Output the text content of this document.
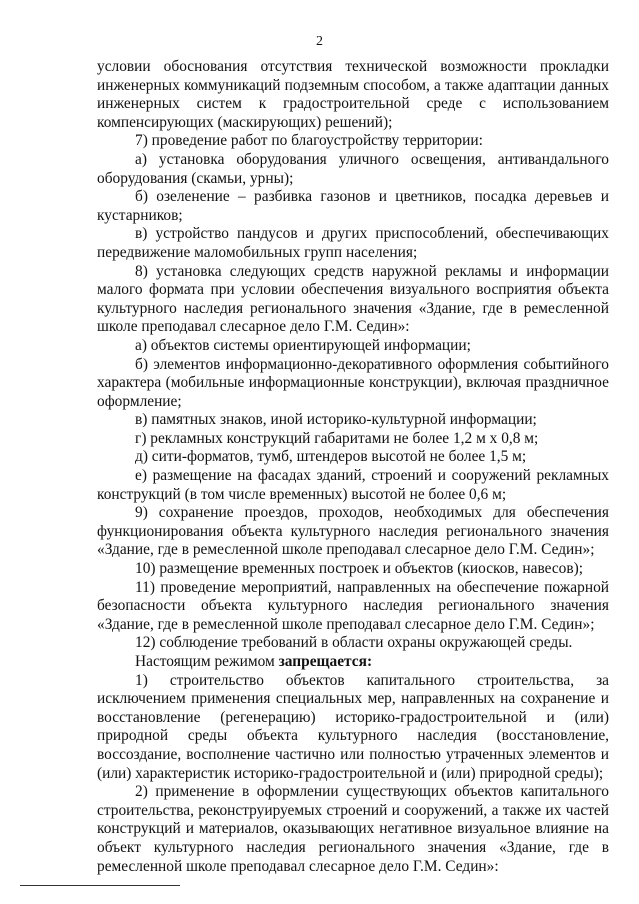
2

условии обоснования отсутствия технической возможности прокладки инженерных коммуникаций подземным способом, а также адаптации данных инженерных систем к градостроительной среде с использованием компенсирующих (маскирующих) решений);

7) проведение работ по благоустройству территории:

а) установка оборудования уличного освещения, антивандального оборудования (скамьи, урны);

б) озеленение – разбивка газонов и цветников, посадка деревьев и кустарников;

в) устройство пандусов и других приспособлений, обеспечивающих передвижение маломобильных групп населения;

8) установка следующих средств наружной рекламы и информации малого формата при условии обеспечения визуального восприятия объекта культурного наследия регионального значения «Здание, где в ремесленной школе преподавал слесарное дело Г.М. Седин»:

а) объектов системы ориентирующей информации;

б) элементов информационно-декоративного оформления событийного характера (мобильные информационные конструкции), включая праздничное оформление;

в) памятных знаков, иной историко-культурной информации;

г) рекламных конструкций габаритами не более 1,2 м x 0,8 м;

д) сити-форматов, тумб, штендеров высотой не более 1,5 м;

е) размещение на фасадах зданий, строений и сооружений рекламных конструкций (в том числе временных) высотой не более 0,6 м;

9) сохранение проездов, проходов, необходимых для обеспечения функционирования объекта культурного наследия регионального значения «Здание, где в ремесленной школе преподавал слесарное дело Г.М. Седин»;

10) размещение временных построек и объектов (киосков, навесов);

11) проведение мероприятий, направленных на обеспечение пожарной безопасности объекта культурного наследия регионального значения «Здание, где в ремесленной школе преподавал слесарное дело Г.М. Седин»;

12) соблюдение требований в области охраны окружающей среды.

Настоящим режимом запрещается:

1) строительство объектов капитального строительства, за исключением применения специальных мер, направленных на сохранение и восстановление (регенерацию) историко-градостроительной и (или) природной среды объекта культурного наследия (восстановление, воссоздание, восполнение частично или полностью утраченных элементов и (или) характеристик историко-градостроительной и (или) природной среды);

2) применение в оформлении существующих объектов капитального строительства, реконструируемых строений и сооружений, а также их частей конструкций и материалов, оказывающих негативное визуальное влияние на объект культурного наследия регионального значения «Здание, где в ремесленной школе преподавал слесарное дело Г.М. Седин»:
